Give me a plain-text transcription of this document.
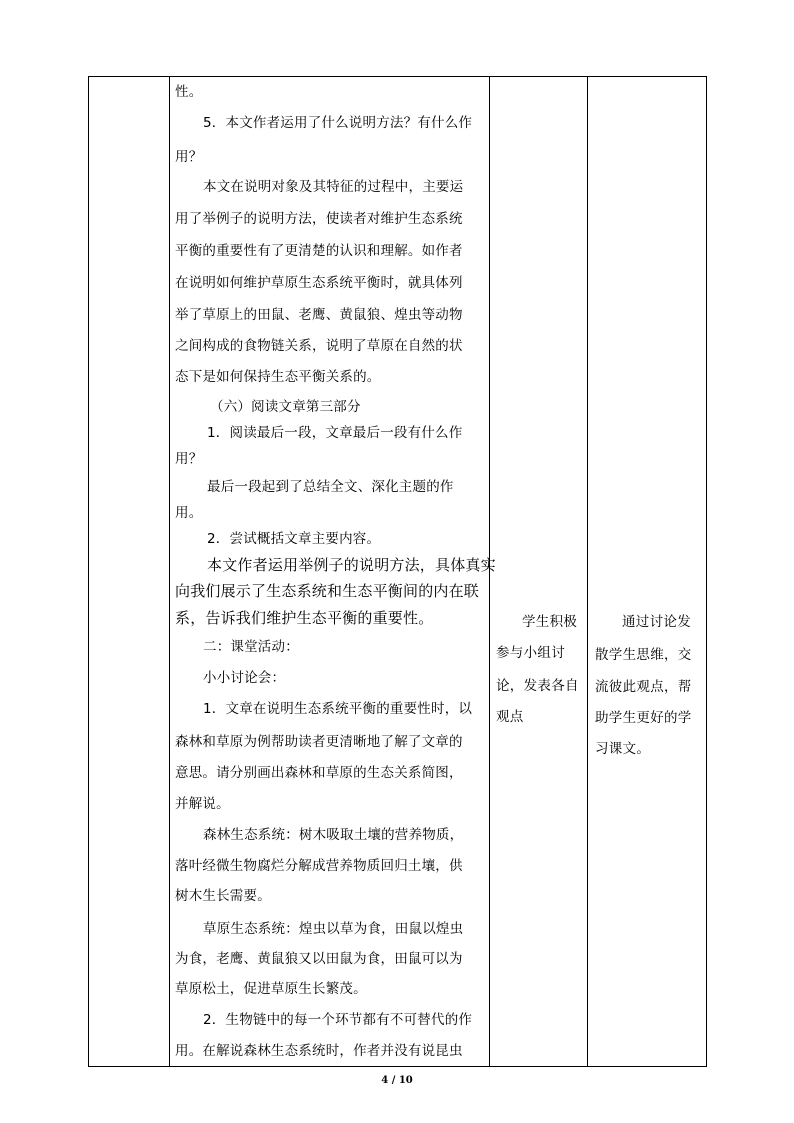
性。
5．本文作者运用了什么说明方法？有什么作
用？
本文在说明对象及其特征的过程中，主要运
用了举例子的说明方法，使读者对维护生态系统
平衡的重要性有了更清楚的认识和理解。如作者
在说明如何维护草原生态系统平衡时，就具体列
举了草原上的田鼠、老鹰、黄鼠狼、煌虫等动物
之间构成的食物链关系，说明了草原在自然的状
态下是如何保持生态平衡关系的。
（六）阅读文章第三部分
1．阅读最后一段，文章最后一段有什么作
用？
最后一段起到了总结全文、深化主题的作
用。
2．尝试概括文章主要内容。
本文作者运用举例子的说明方法，具体真实
向我们展示了生态系统和生态平衡间的内在联
系，告诉我们维护生态平衡的重要性。
二：课堂活动：
小小讨论会：
1．文章在说明生态系统平衡的重要性时，以
森林和草原为例帮助读者更清晰地了解了文章的
意思。请分别画出森林和草原的生态关系简图，
并解说。
森林生态系统：树木吸取土壤的营养物质，
落叶经微生物腐烂分解成营养物质回归土壤，供
树木生长需要。
草原生态系统：煌虫以草为食，田鼠以煌虫
为食，老鹰、黄鼠狼又以田鼠为食，田鼠可以为
草原松土，促进草原生长繁茂。
2．生物链中的每一个环节都有不可替代的作
用。在解说森林生态系统时，作者并没有说昆虫
学生积极
参与小组讨
论，发表各自
观点
通过讨论发
散学生思维，交
流彼此观点，帮
助学生更好的学
习课文。
4 / 10
